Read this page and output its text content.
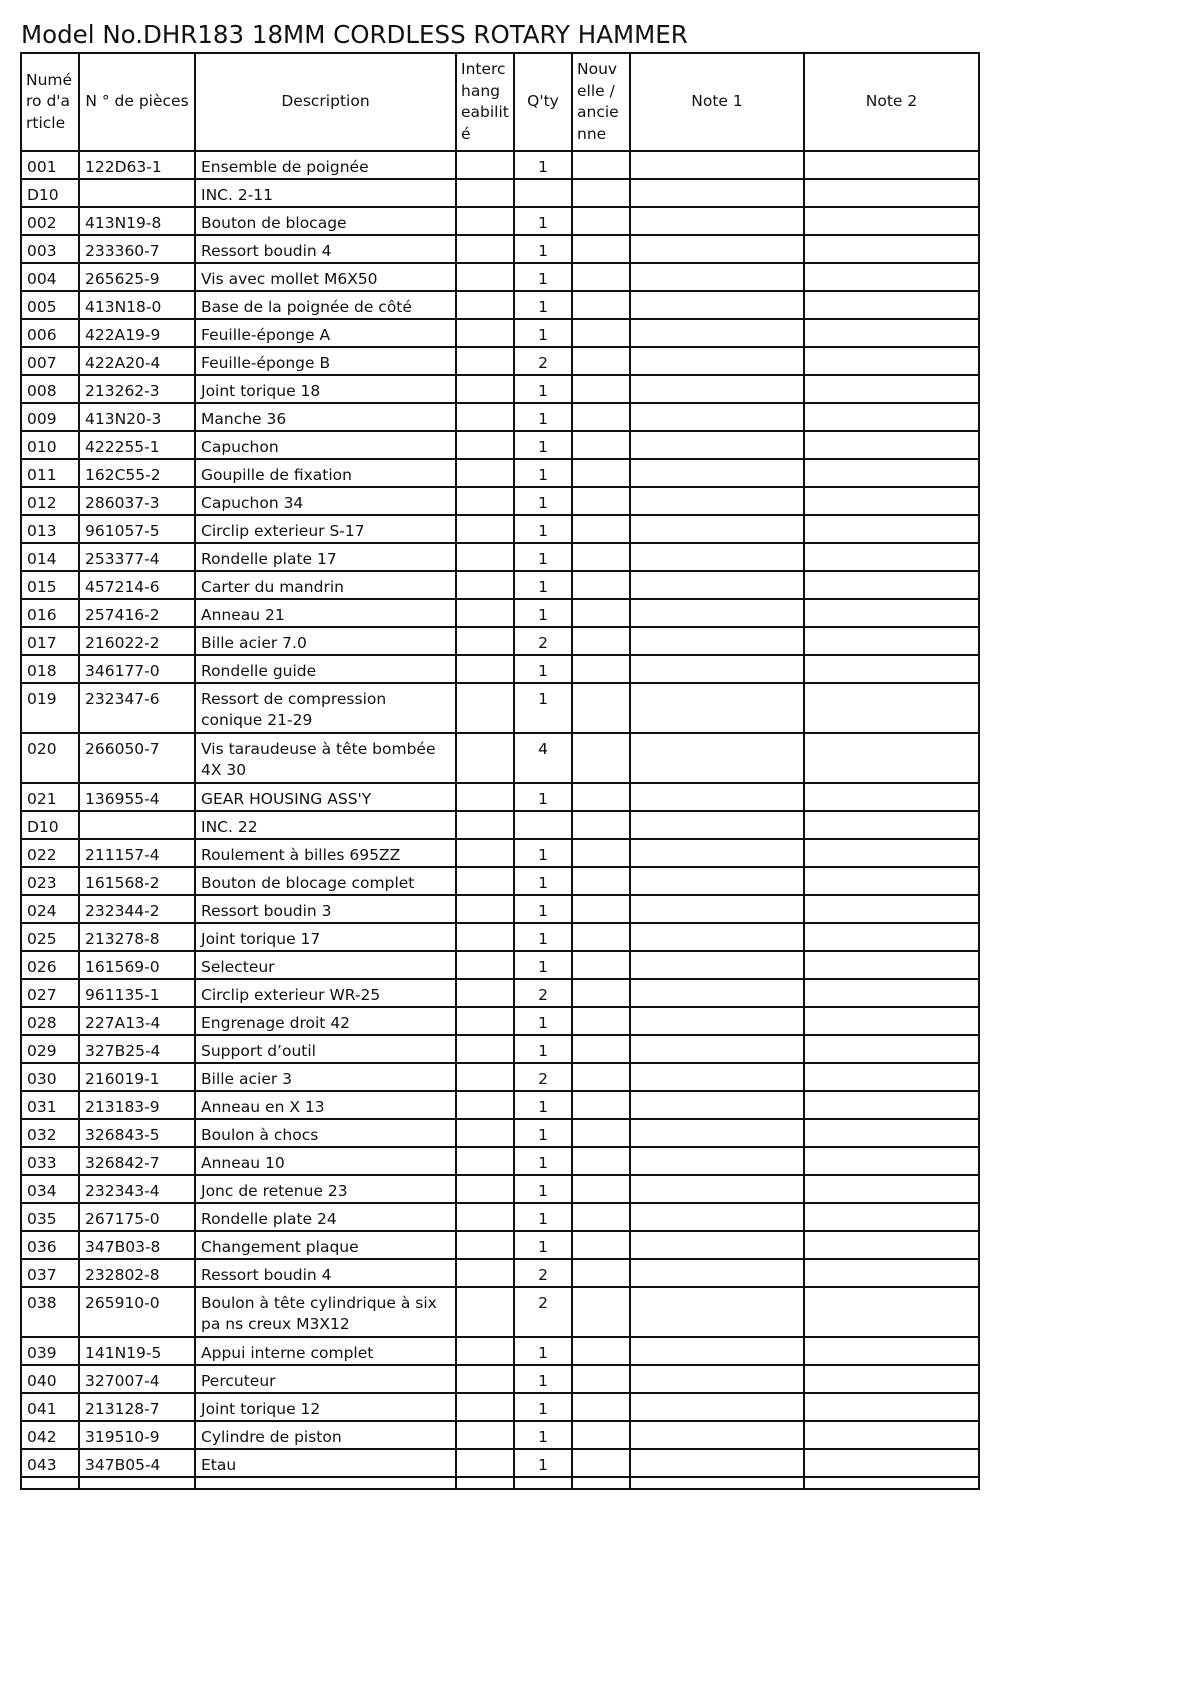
Model No.DHR183 18MM CORDLESS ROTARY HAMMER
Numé ro d'a rticle	N ° de pièces	Description	Interc hang eabilit é	Q'ty	Nouv elle / ancie nne	Note 1	Note 2
001	122D63-1	Ensemble de poignée		1			
D10		INC. 2-11					
002	413N19-8	Bouton de blocage		1			
003	233360-7	Ressort boudin 4		1			
004	265625-9	Vis avec mollet M6X50		1			
005	413N18-0	Base de la poignée de côté		1			
006	422A19-9	Feuille-éponge A		1			
007	422A20-4	Feuille-éponge B		2			
008	213262-3	Joint torique 18		1			
009	413N20-3	Manche 36		1			
010	422255-1	Capuchon		1			
011	162C55-2	Goupille de fixation		1			
012	286037-3	Capuchon 34		1			
013	961057-5	Circlip exterieur S-17		1			
014	253377-4	Rondelle plate 17		1			
015	457214-6	Carter du mandrin		1			
016	257416-2	Anneau 21		1			
017	216022-2	Bille acier 7.0		2			
018	346177-0	Rondelle guide		1			
019	232347-6	Ressort de compression conique 21-29		1			
020	266050-7	Vis taraudeuse à tête bombée 4X 30		4			
021	136955-4	GEAR HOUSING ASS'Y		1			
D10		INC. 22					
022	211157-4	Roulement à billes 695ZZ		1			
023	161568-2	Bouton de blocage complet		1			
024	232344-2	Ressort boudin 3		1			
025	213278-8	Joint torique 17		1			
026	161569-0	Selecteur		1			
027	961135-1	Circlip exterieur WR-25		2			
028	227A13-4	Engrenage droit 42		1			
029	327B25-4	Support d’outil		1			
030	216019-1	Bille acier 3		2			
031	213183-9	Anneau en X 13		1			
032	326843-5	Boulon à chocs		1			
033	326842-7	Anneau 10		1			
034	232343-4	Jonc de retenue 23		1			
035	267175-0	Rondelle plate 24		1			
036	347B03-8	Changement plaque		1			
037	232802-8	Ressort boudin 4		2			
038	265910-0	Boulon à tête cylindrique à six pa ns creux M3X12		2			
039	141N19-5	Appui interne complet		1			
040	327007-4	Percuteur		1			
041	213128-7	Joint torique 12		1			
042	319510-9	Cylindre de piston		1			
043	347B05-4	Etau		1			
